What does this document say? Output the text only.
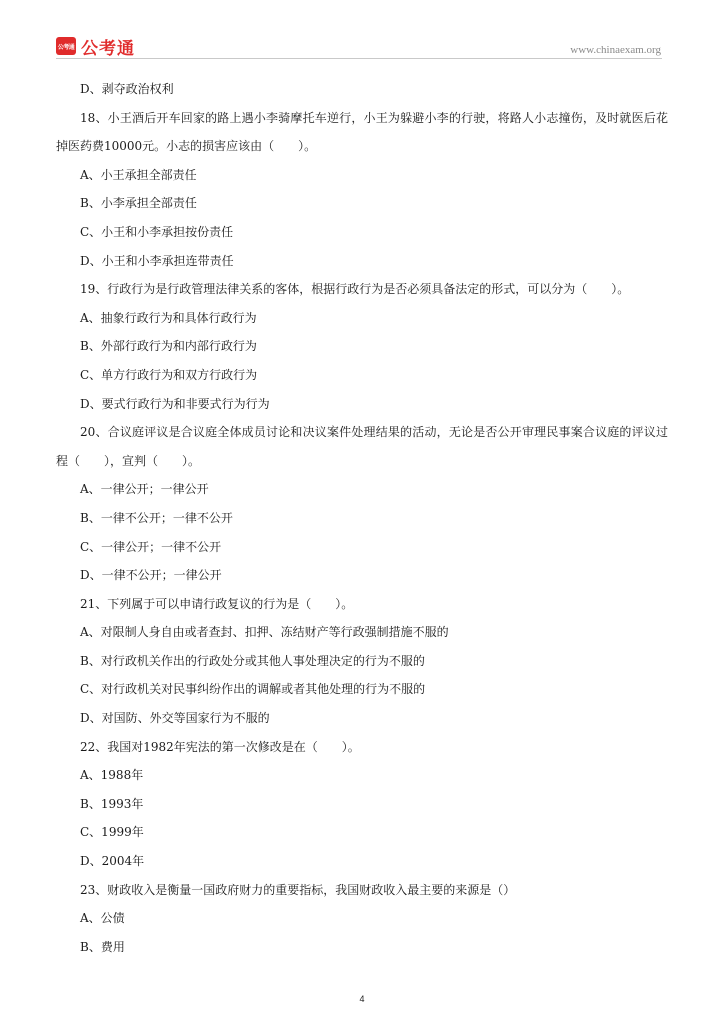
公考通 公考通	www.chinaexam.org
D、剥夺政治权利
18、小王酒后开车回家的路上遇小李骑摩托车逆行，小王为躲避小李的行驶，将路人小志撞伤，及时就医后花掉医药费10000元。小志的损害应该由（　　）。
A、小王承担全部责任
B、小李承担全部责任
C、小王和小李承担按份责任
D、小王和小李承担连带责任
19、行政行为是行政管理法律关系的客体，根据行政行为是否必须具备法定的形式，可以分为（　　）。
A、抽象行政行为和具体行政行为
B、外部行政行为和内部行政行为
C、单方行政行为和双方行政行为
D、要式行政行为和非要式行为行为
20、合议庭评议是合议庭全体成员讨论和决议案件处理结果的活动，无论是否公开审理民事案合议庭的评议过程（　　），宣判（　　）。
A、一律公开；一律公开
B、一律不公开；一律不公开
C、一律公开；一律不公开
D、一律不公开；一律公开
21、下列属于可以申请行政复议的行为是（　　）。
A、对限制人身自由或者查封、扣押、冻结财产等行政强制措施不服的
B、对行政机关作出的行政处分或其他人事处理决定的行为不服的
C、对行政机关对民事纠纷作出的调解或者其他处理的行为不服的
D、对国防、外交等国家行为不服的
22、我国对1982年宪法的第一次修改是在（　　）。
A、1988年
B、1993年
C、1999年
D、2004年
23、财政收入是衡量一国政府财力的重要指标，我国财政收入最主要的来源是（）
A、公债
B、费用
4
